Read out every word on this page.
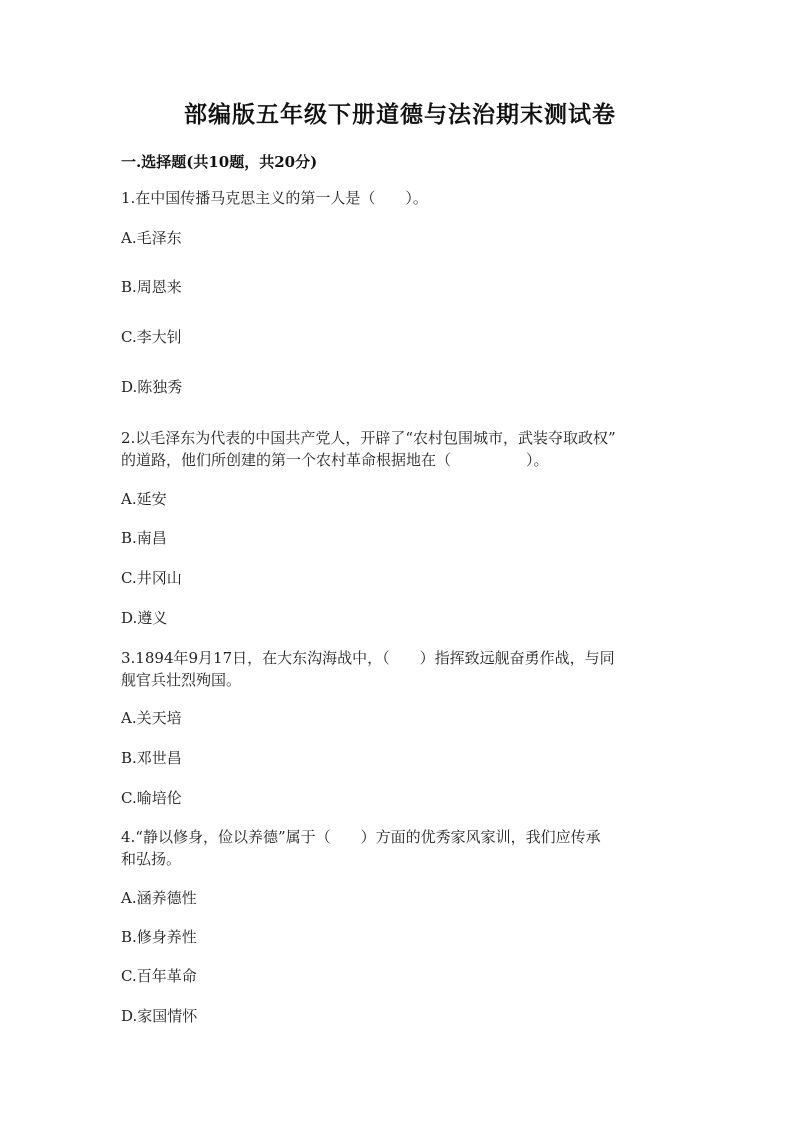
部编版五年级下册道德与法治期末测试卷
一.选择题(共10题，共20分)
1.在中国传播马克思主义的第一人是（　　）。
A.毛泽东
B.周恩来
C.李大钊
D.陈独秀
2.以毛泽东为代表的中国共产党人，开辟了“农村包围城市，武装夺取政权”
的道路，他们所创建的第一个农村革命根据地在（　　　　　）。
A.延安
B.南昌
C.井冈山
D.遵义
3.1894年9月17日，在大东沟海战中，（　　）指挥致远舰奋勇作战，与同
舰官兵壮烈殉国。
A.关天培
B.邓世昌
C.喻培伦
4.“静以修身，俭以养德”属于（　　）方面的优秀家风家训，我们应传承
和弘扬。
A.涵养德性
B.修身养性
C.百年革命
D.家国情怀
